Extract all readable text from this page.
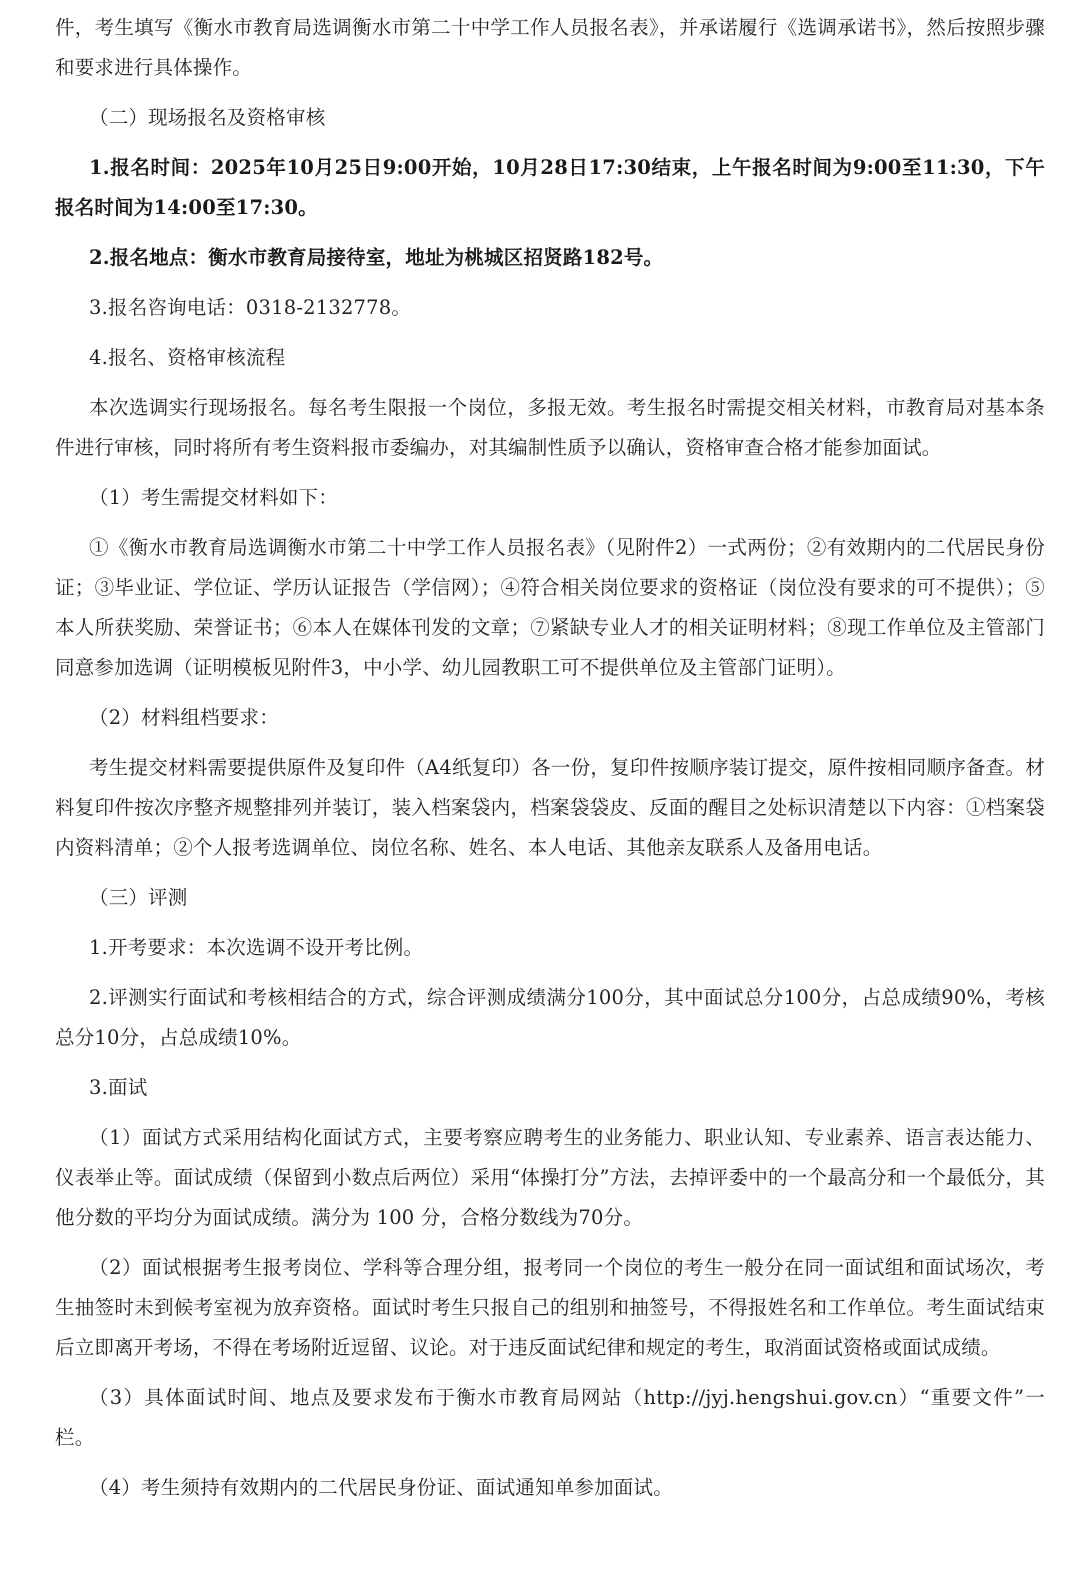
件，考生填写《衡水市教育局选调衡水市第二十中学工作人员报名表》，并承诺履行《选调承诺书》，然后按照步骤和要求进行具体操作。

（二）现场报名及资格审核

1.报名时间：2025年10月25日9:00开始，10月28日17:30结束，上午报名时间为9:00至11:30，下午报名时间为14:00至17:30。

2.报名地点：衡水市教育局接待室，地址为桃城区招贤路182号。

3.报名咨询电话：0318-2132778。

4.报名、资格审核流程

本次选调实行现场报名。每名考生限报一个岗位，多报无效。考生报名时需提交相关材料，市教育局对基本条件进行审核，同时将所有考生资料报市委编办，对其编制性质予以确认，资格审查合格才能参加面试。

（1）考生需提交材料如下：

①《衡水市教育局选调衡水市第二十中学工作人员报名表》（见附件2）一式两份；②有效期内的二代居民身份证；③毕业证、学位证、学历认证报告（学信网）；④符合相关岗位要求的资格证（岗位没有要求的可不提供）；⑤本人所获奖励、荣誉证书；⑥本人在媒体刊发的文章；⑦紧缺专业人才的相关证明材料；⑧现工作单位及主管部门同意参加选调（证明模板见附件3，中小学、幼儿园教职工可不提供单位及主管部门证明）。

（2）材料组档要求：

考生提交材料需要提供原件及复印件（A4纸复印）各一份，复印件按顺序装订提交，原件按相同顺序备查。材料复印件按次序整齐规整排列并装订，装入档案袋内，档案袋袋皮、反面的醒目之处标识清楚以下内容：①档案袋内资料清单；②个人报考选调单位、岗位名称、姓名、本人电话、其他亲友联系人及备用电话。

（三）评测

1.开考要求：本次选调不设开考比例。

2.评测实行面试和考核相结合的方式，综合评测成绩满分100分，其中面试总分100分，占总成绩90%，考核总分10分，占总成绩10%。

3.面试

（1）面试方式采用结构化面试方式，主要考察应聘考生的业务能力、职业认知、专业素养、语言表达能力、仪表举止等。面试成绩（保留到小数点后两位）采用“体操打分”方法，去掉评委中的一个最高分和一个最低分，其他分数的平均分为面试成绩。满分为 100 分，合格分数线为70分。

（2）面试根据考生报考岗位、学科等合理分组，报考同一个岗位的考生一般分在同一面试组和面试场次，考生抽签时未到候考室视为放弃资格。面试时考生只报自己的组别和抽签号，不得报姓名和工作单位。考生面试结束后立即离开考场，不得在考场附近逗留、议论。对于违反面试纪律和规定的考生，取消面试资格或面试成绩。

（3）具体面试时间、地点及要求发布于衡水市教育局网站（http://jyj.hengshui.gov.cn）“重要文件”一栏。

（4）考生须持有效期内的二代居民身份证、面试通知单参加面试。
